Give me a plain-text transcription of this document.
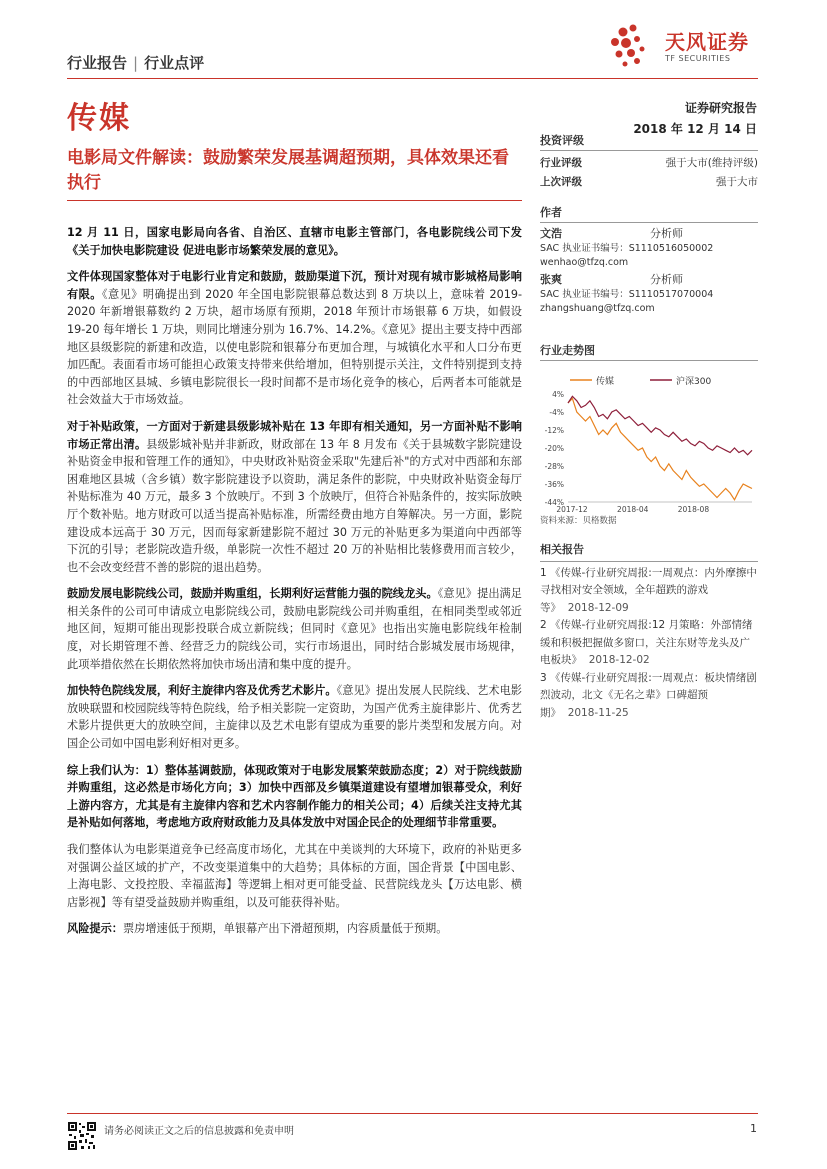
行业报告 | 行业点评
天风证券
TF SECURITIES
传媒	证券研究报告
2018 年 12 月 14 日
电影局文件解读：鼓励繁荣发展基调超预期，具体效果还看执行

12 月 11 日，国家电影局向各省、自治区、直辖市电影主管部门，各电影院线公司下发《关于加快电影院建设 促进电影市场繁荣发展的意见》。

文件体现国家整体对于电影行业肯定和鼓励，鼓励渠道下沉，预计对现有城市影城格局影响有限。《意见》明确提出到 2020 年全国电影院银幕总数达到 8 万块以上，意味着 2019-2020 年新增银幕数约 2 万块，超市场原有预期，2018 年预计市场银幕 6 万块，如假设 19-20 每年增长 1 万块，则同比增速分别为 16.7%、14.2%。《意见》提出主要支持中西部地区县级影院的新建和改造，以使电影院和银幕分布更加合理，与城镇化水平和人口分布更加匹配。表面看市场可能担心政策支持带来供给增加，但特别提示关注，文件特别提到支持的中西部地区县城、乡镇电影院很长一段时间都不是市场化竞争的核心，后两者本可能就是社会效益大于市场效益。

对于补贴政策，一方面对于新建县级影城补贴在 13 年即有相关通知，另一方面补贴不影响市场正常出清。县级影城补贴并非新政，财政部在 13 年 8 月发布《关于县城数字影院建设补贴资金申报和管理工作的通知》，中央财政补贴资金采取"先建后补"的方式对中西部和东部困难地区县城（含乡镇）数字影院建设予以资助，满足条件的影院，中央财政补贴资金每厅补贴标准为 40 万元，最多 3 个放映厅。不到 3 个放映厅，但符合补贴条件的，按实际放映厅个数补贴。地方财政可以适当提高补贴标准，所需经费由地方自筹解决。另一方面，影院建设成本远高于 30 万元，因而每家新建影院不超过 30 万元的补贴更多为渠道向中西部等下沉的引导；老影院改造升级，单影院一次性不超过 20 万的补贴相比装修费用而言较少，也不会改变经营不善的影院的退出趋势。

鼓励发展电影院线公司，鼓励并购重组，长期利好运营能力强的院线龙头。《意见》提出满足相关条件的公司可申请成立电影院线公司，鼓励电影院线公司并购重组，在相同类型或邻近地区间，短期可能出现影投联合成立新院线；但同时《意见》也指出实施电影院线年检制度，对长期管理不善、经营乏力的院线公司，实行市场退出，同时结合影城发展市场规律，此项举措依然在长期依然将加快市场出清和集中度的提升。

加快特色院线发展，利好主旋律内容及优秀艺术影片。《意见》提出发展人民院线、艺术电影放映联盟和校园院线等特色院线，给予相关影院一定资助，为国产优秀主旋律影片、优秀艺术影片提供更大的放映空间，主旋律以及艺术电影有望成为重要的影片类型和发展方向。对国企公司如中国电影利好相对更多。

综上我们认为：1）整体基调鼓励，体现政策对于电影发展繁荣鼓励态度；2）对于院线鼓励并购重组，这必然是市场化方向；3）加快中西部及乡镇渠道建设有望增加银幕受众，利好上游内容方，尤其是有主旋律内容和艺术内容制作能力的相关公司；4）后续关注支持尤其是补贴如何落地，考虑地方政府财政能力及具体发放中对国企民企的处理细节非常重要。

我们整体认为电影渠道竞争已经高度市场化，尤其在中美谈判的大环境下，政府的补贴更多对强调公益区域的扩产，不改变渠道集中的大趋势；具体标的方面，国企背景【中国电影、上海电影、文投控股、幸福蓝海】等逻辑上相对更可能受益、民营院线龙头【万达电影、横店影视】等有望受益鼓励并购重组，以及可能获得补贴。

风险提示：票房增速低于预期，单银幕产出下滑超预期，内容质量低于预期。

投资评级
行业评级	强于大市(维持评级)
上次评级	强于大市
作者
文浩	分析师
SAC 执业证书编号：S1110516050002
wenhao@tfzq.com
张爽	分析师
SAC 执业证书编号：S1110517070004
zhangshuang@tfzq.com
行业走势图
传媒	沪深300
4%
-4%
-12%
-20%
-28%
-36%
-44%
2017-12	2018-04	2018-08
资料来源：贝格数据
相关报告
1 《传媒-行业研究周报:一周观点：内外摩擦中寻找相对安全领域，全年超跌的游戏等》 2018-12-09
2 《传媒-行业研究周报:12 月策略：外部情绪缓和积极把握做多窗口，关注东财等龙头及广电板块》 2018-12-02
3 《传媒-行业研究周报:一周观点：板块情绪剧烈波动，北文《无名之辈》口碑超预期》 2018-11-25
请务必阅读正文之后的信息披露和免责申明	1
